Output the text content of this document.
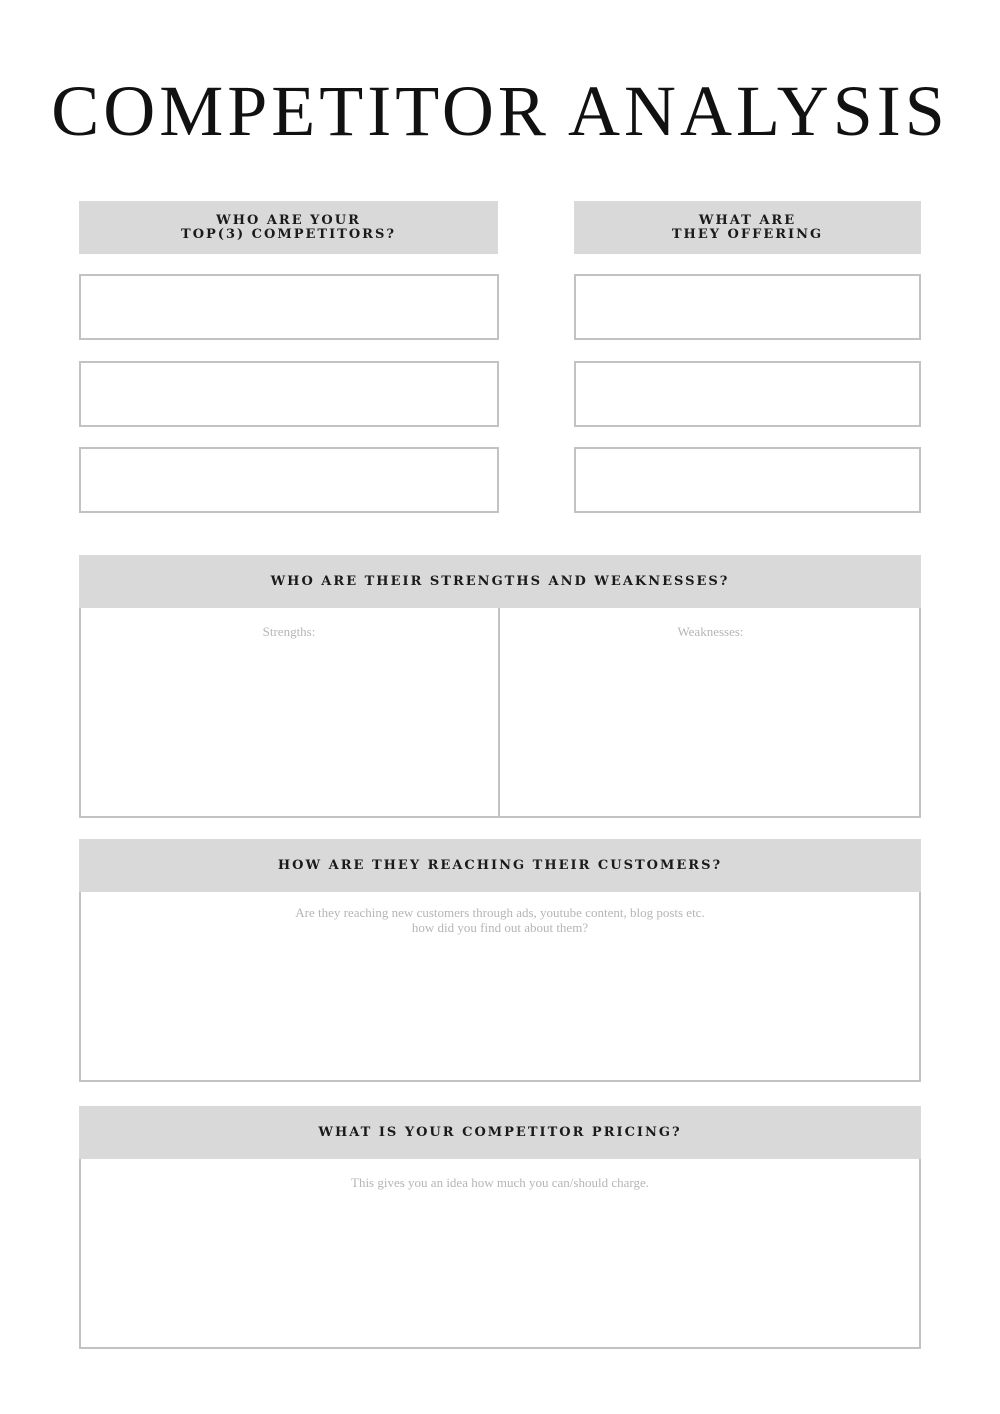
COMPETITOR ANALYSIS
WHO ARE YOUR
TOP(3) COMPETITORS?
WHAT ARE
THEY OFFERING
WHO ARE THEIR STRENGTHS AND WEAKNESSES?
Strengths:	Weaknesses:
HOW ARE THEY REACHING THEIR CUSTOMERS?
Are they reaching new customers through ads, youtube content, blog posts etc.
how did you find out about them?
WHAT IS YOUR COMPETITOR PRICING?
This gives you an idea how much you can/should charge.
